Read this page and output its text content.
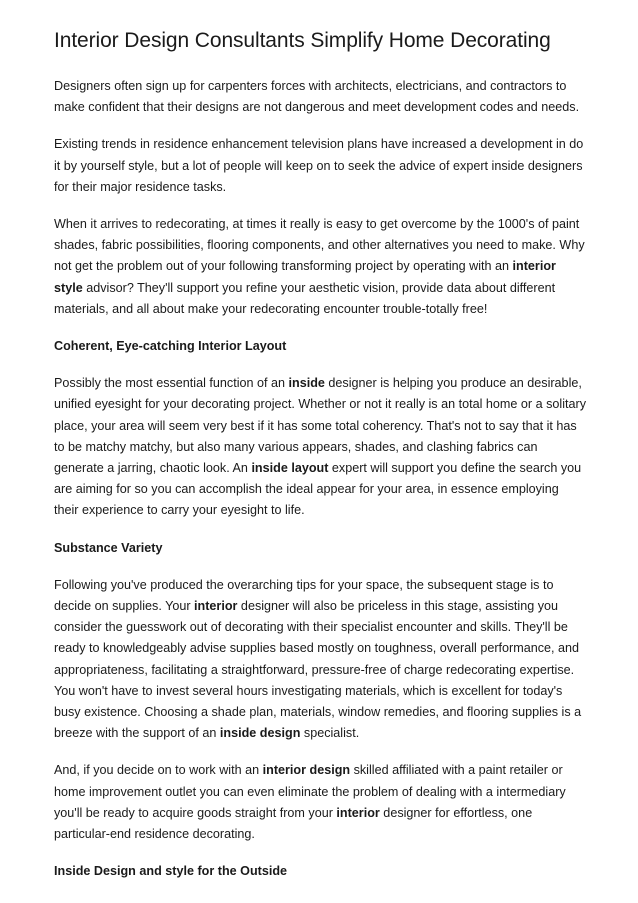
Interior Design Consultants Simplify Home Decorating

Designers often sign up for carpenters forces with architects, electricians, and contractors to make confident that their designs are not dangerous and meet development codes and needs.

Existing trends in residence enhancement television plans have increased a development in do it by yourself style, but a lot of people will keep on to seek the advice of expert inside designers for their major residence tasks.

When it arrives to redecorating, at times it really is easy to get overcome by the 1000's of paint shades, fabric possibilities, flooring components, and other alternatives you need to make. Why not get the problem out of your following transforming project by operating with an interior style advisor? They'll support you refine your aesthetic vision, provide data about different materials, and all about make your redecorating encounter trouble-totally free!

Coherent, Eye-catching Interior Layout

Possibly the most essential function of an inside designer is helping you produce an desirable, unified eyesight for your decorating project. Whether or not it really is an total home or a solitary place, your area will seem very best if it has some total coherency. That's not to say that it has to be matchy matchy, but also many various appears, shades, and clashing fabrics can generate a jarring, chaotic look. An inside layout expert will support you define the search you are aiming for so you can accomplish the ideal appear for your area, in essence employing their experience to carry your eyesight to life.

Substance Variety

Following you've produced the overarching tips for your space, the subsequent stage is to decide on supplies. Your interior designer will also be priceless in this stage, assisting you consider the guesswork out of decorating with their specialist encounter and skills. They'll be ready to knowledgeably advise supplies based mostly on toughness, overall performance, and appropriateness, facilitating a straightforward, pressure-free of charge redecorating expertise. You won't have to invest several hours investigating materials, which is excellent for today's busy existence. Choosing a shade plan, materials, window remedies, and flooring supplies is a breeze with the support of an inside design specialist.

And, if you decide on to work with an interior design skilled affiliated with a paint retailer or home improvement outlet you can even eliminate the problem of dealing with a intermediary you'll be ready to acquire goods straight from your interior designer for effortless, one particular-end residence decorating.

Inside Design and style for the Outside
